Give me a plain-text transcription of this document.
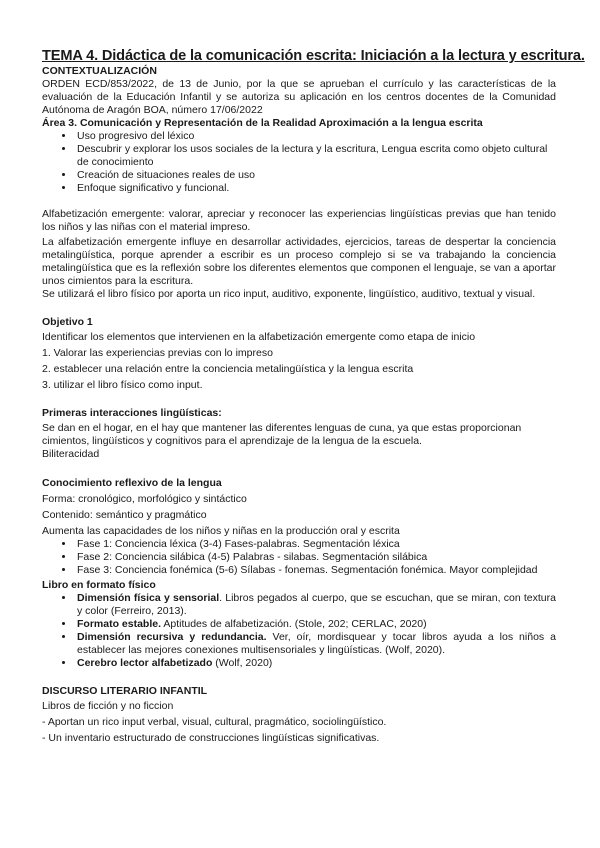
TEMA 4. Didáctica de la comunicación escrita: Iniciación a la lectura y escritura.

CONTEXTUALIZACIÓN

ORDEN ECD/853/2022, de 13 de Junio, por la que se aprueban el currículo y las características de la evaluación de la Educación Infantil y se autoriza su aplicación en los centros docentes de la Comunidad Autónoma de Aragón BOA, número 17/06/2022

Área 3. Comunicación y Representación de la Realidad Aproximación a la lengua escrita

• Uso progresivo del léxico
• Descubrir y explorar los usos sociales de la lectura y la escritura, Lengua escrita como objeto cultural de conocimiento
• Creación de situaciones reales de uso
• Enfoque significativo y funcional.

Alfabetización emergente: valorar, apreciar y reconocer las experiencias lingüísticas previas que han tenido los niños y las niñas con el material impreso.

La alfabetización emergente influye en desarrollar actividades, ejercicios, tareas de despertar la conciencia metalingüística, porque aprender a escribir es un proceso complejo si se va trabajando la conciencia metalingüística que es la reflexión sobre los diferentes elementos que componen el lenguaje, se van a aportar unos cimientos para la escritura.

Se utilizará el libro físico por aporta un rico input, auditivo, exponente, lingüístico, auditivo, textual y visual.

Objetivo 1

Identificar los elementos que intervienen en la alfabetización emergente como etapa de inicio

1. Valorar las experiencias previas con lo impreso

2. establecer una relación entre la conciencia metalingüística y la lengua escrita

3. utilizar el libro físico como input.

Primeras interacciones lingüísticas:

Se dan en el hogar, en el hay que mantener las diferentes lenguas de cuna, ya que estas proporcionan cimientos, lingüísticos y cognitivos para el aprendizaje de la lengua de la escuela.

Biliteracidad

Conocimiento reflexivo de la lengua

Forma: cronológico, morfológico y sintáctico

Contenido: semántico y pragmático

Aumenta las capacidades de los niños y niñas en la producción oral y escrita

• Fase 1: Conciencia léxica (3-4) Fases-palabras. Segmentación léxica
• Fase 2: Conciencia silábica (4-5) Palabras - silabas. Segmentación silábica
• Fase 3: Conciencia fonémica (5-6) Sílabas - fonemas. Segmentación fonémica. Mayor complejidad

Libro en formato físico

• Dimensión física y sensorial. Libros pegados al cuerpo, que se escuchan, que se miran, con textura y color (Ferreiro, 2013).
• Formato estable. Aptitudes de alfabetización. (Stole, 202; CERLAC, 2020)
• Dimensión recursiva y redundancia. Ver, oír, mordisquear y tocar libros ayuda a los niños a establecer las mejores conexiones multisensoriales y lingüísticas. (Wolf, 2020).
• Cerebro lector alfabetizado (Wolf, 2020)

DISCURSO LITERARIO INFANTIL

Libros de ficción y no ficcion

- Aportan un rico input verbal, visual, cultural, pragmático, sociolingüístico.

- Un inventario estructurado de construcciones lingüísticas significativas.
